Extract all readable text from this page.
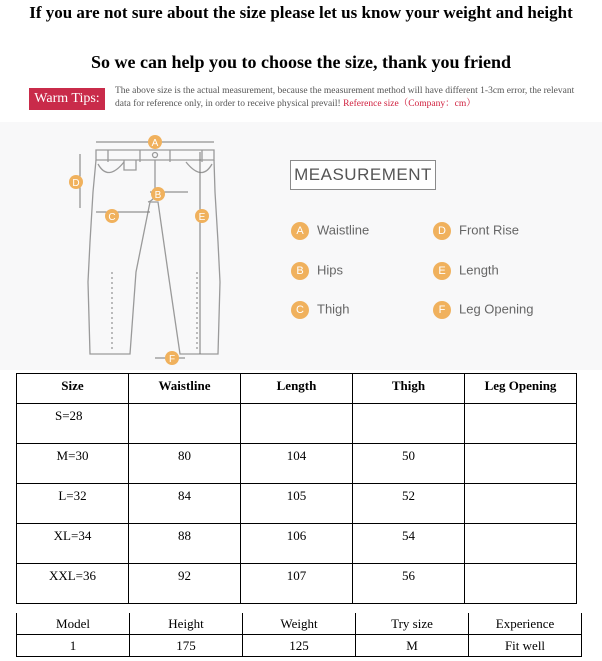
If you are not sure about the size please let us know your weight and height
So we can help you to choose the size, thank you friend
Warm Tips:	The above size is the actual measurement, because the measurement method will have different 1-3cm error, the relevant data for reference only, in order to receive physical prevail! Reference size（Company：cm）
A
B
C
D
E
F
MEASUREMENT
A Waistline
B Hips
C Thigh
D Front Rise
E Length
F Leg Opening
Size	Waistline	Length	Thigh	Leg Opening
S=28				
M=30	80	104	50	
L=32	84	105	52	
XL=34	88	106	54	
XXL=36	92	107	56	
Model	Height	Weight	Try size	Experience
1	175	125	M	Fit well
